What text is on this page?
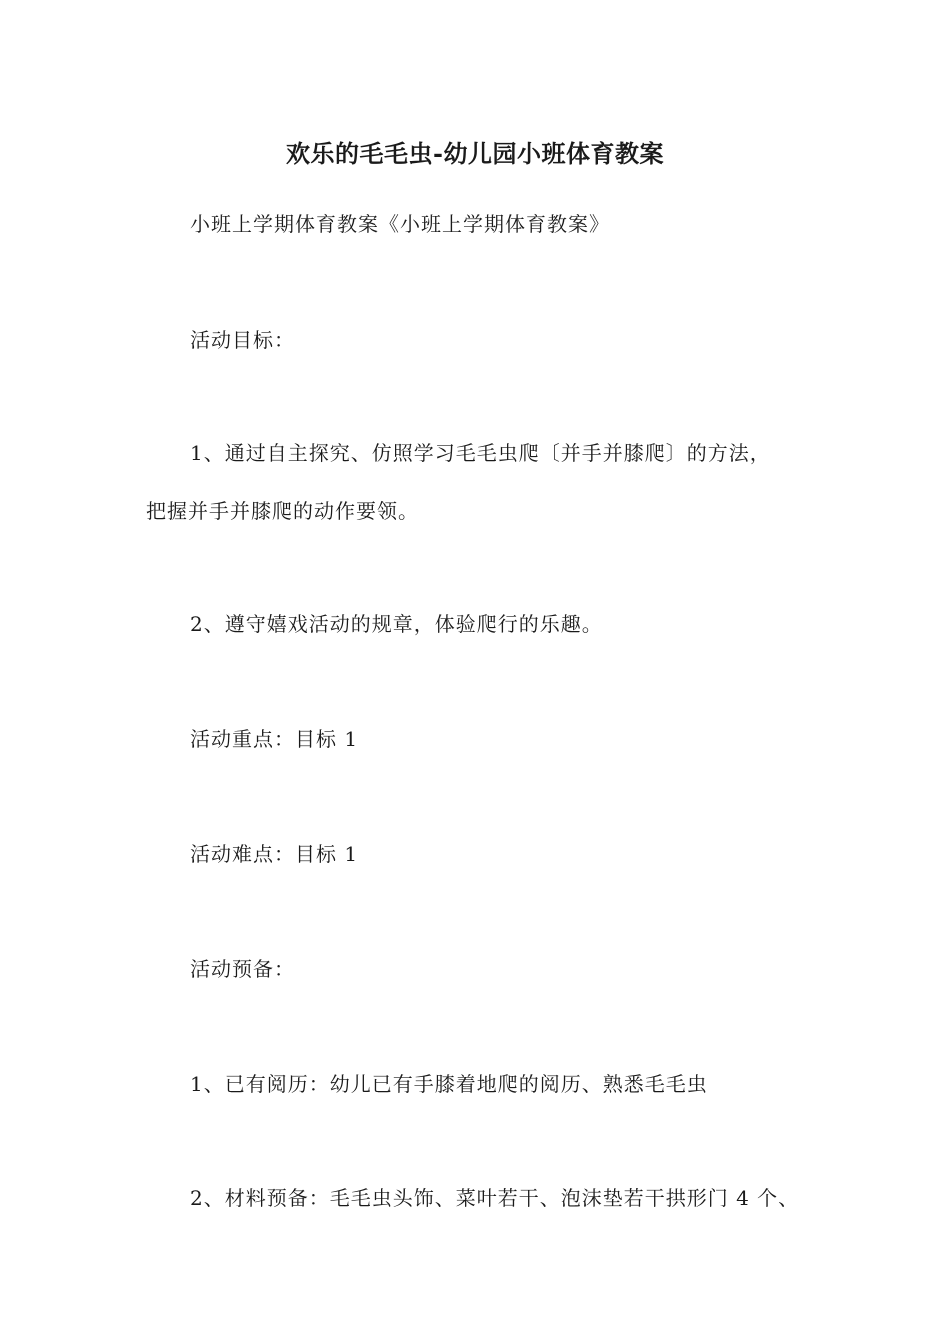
欢乐的毛毛虫-幼儿园小班体育教案
小班上学期体育教案《小班上学期体育教案》
活动目标：
1、通过自主探究、仿照学习毛毛虫爬〔并手并膝爬〕的方法，
把握并手并膝爬的动作要领。
2、遵守嬉戏活动的规章，体验爬行的乐趣。
活动重点：目标 1
活动难点：目标 1
活动预备：
1、已有阅历：幼儿已有手膝着地爬的阅历、熟悉毛毛虫
2、材料预备：毛毛虫头饰、菜叶若干、泡沫垫若干拱形门 4 个、
